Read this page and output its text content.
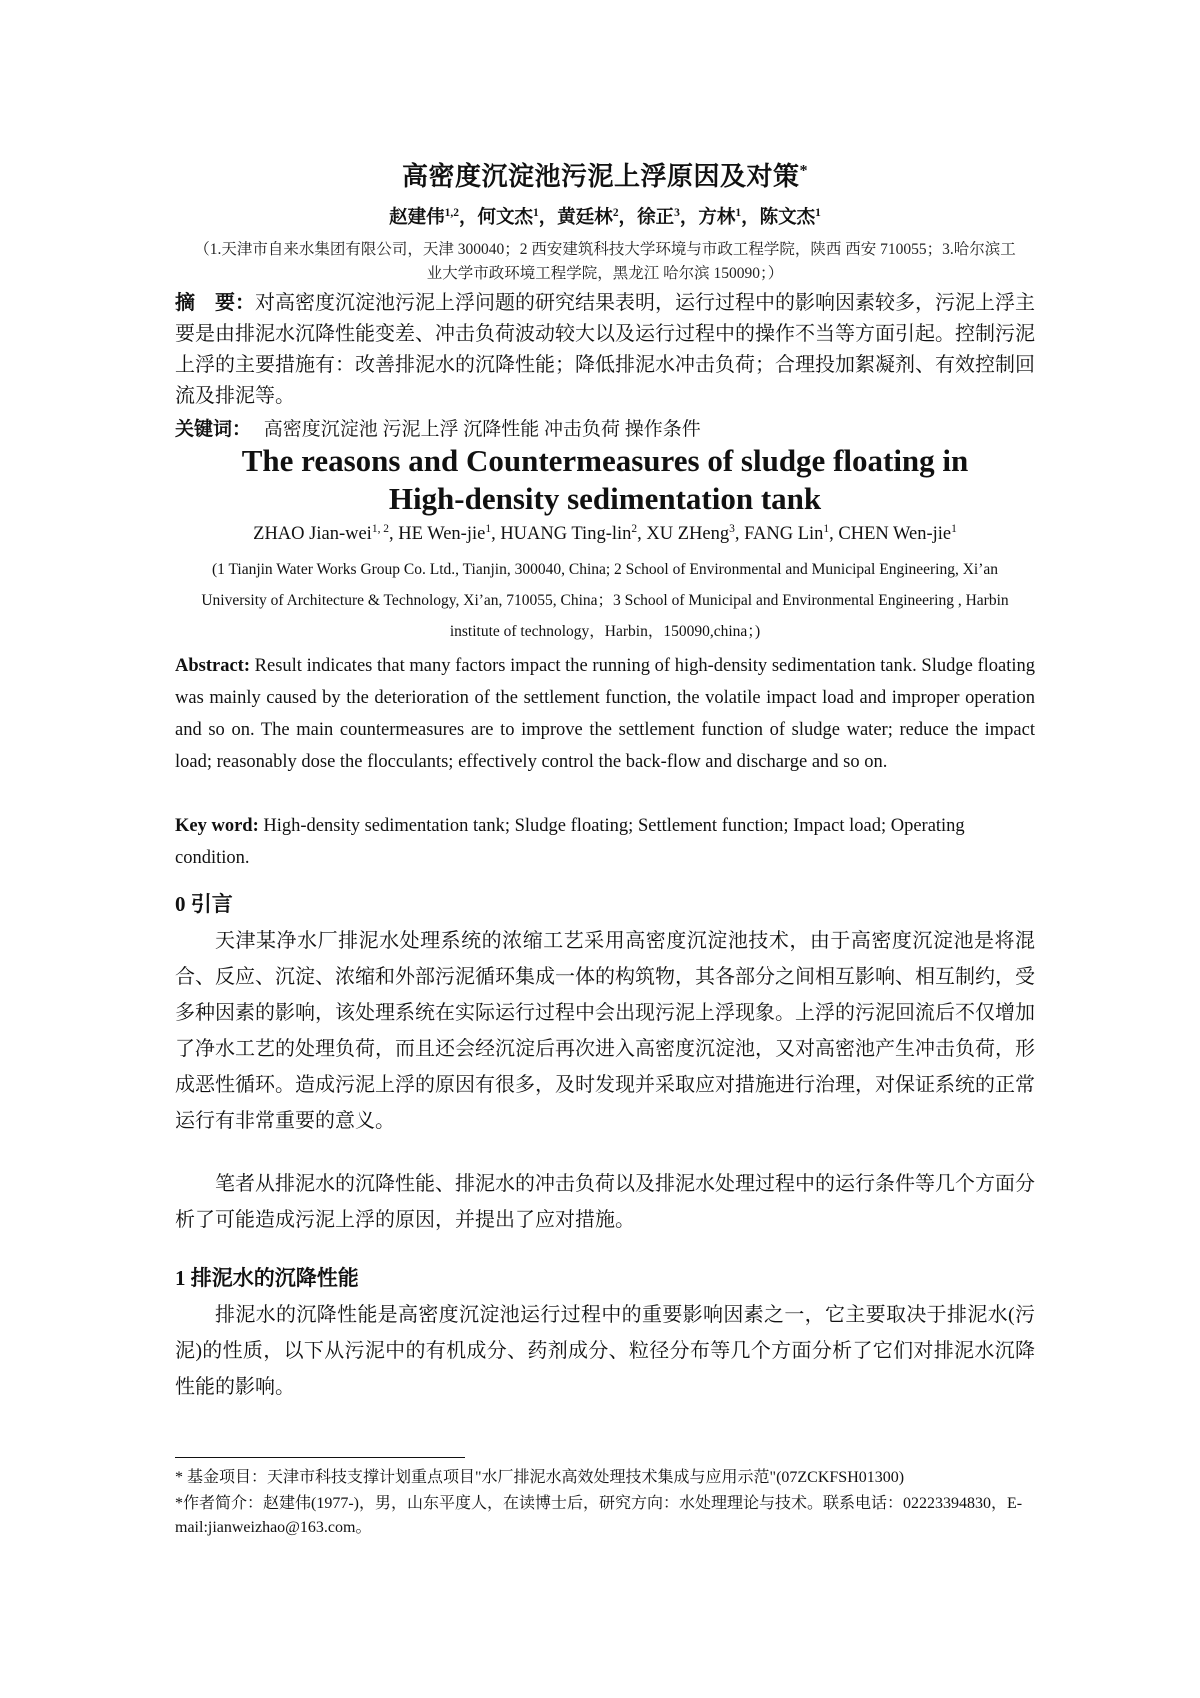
高密度沉淀池污泥上浮原因及对策*
赵建伟$^{1,2}$，何文杰$^1$，黄廷林$^2$，徐正$^3$，方林$^1$，陈文杰$^1$
（1.天津市自来水集团有限公司，天津 300040；2 西安建筑科技大学环境与市政工程学院，陕西 西安 710055；3.哈尔滨工业大学市政环境工程学院，黑龙江 哈尔滨 150090；）
摘　要：对高密度沉淀池污泥上浮问题的研究结果表明，运行过程中的影响因素较多，污泥上浮主要是由排泥水沉降性能变差、冲击负荷波动较大以及运行过程中的操作不当等方面引起。控制污泥上浮的主要措施有：改善排泥水的沉降性能；降低排泥水冲击负荷；合理投加絮凝剂、有效控制回流及排泥等。
关键词： 高密度沉淀池 污泥上浮 沉降性能 冲击负荷 操作条件
The reasons and Countermeasures of sludge floating in
High-density sedimentation tank
ZHAO Jian-wei$^{1, 2}$, HE Wen-jie$^1$, HUANG Ting-lin$^2$, XU ZHeng$^3$, FANG Lin$^1$, CHEN Wen-jie$^1$
(1 Tianjin Water Works Group Co. Ltd., Tianjin, 300040, China; 2 School of Environmental and Municipal Engineering, Xi’an University of Architecture & Technology, Xi’an, 710055, China；3 School of Municipal and Environmental Engineering , Harbin institute of technology，Harbin，150090,china；)
Abstract: Result indicates that many factors impact the running of high-density sedimentation tank. Sludge floating was mainly caused by the deterioration of the settlement function, the volatile impact load and improper operation and so on. The main countermeasures are to improve the settlement function of sludge water; reduce the impact load; reasonably dose the flocculants; effectively control the back-flow and discharge and so on.
Key word: High-density sedimentation tank; Sludge floating; Settlement function; Impact load; Operating condition.
0 引言
天津某净水厂排泥水处理系统的浓缩工艺采用高密度沉淀池技术，由于高密度沉淀池是将混合、反应、沉淀、浓缩和外部污泥循环集成一体的构筑物，其各部分之间相互影响、相互制约，受多种因素的影响，该处理系统在实际运行过程中会出现污泥上浮现象。上浮的污泥回流后不仅增加了净水工艺的处理负荷，而且还会经沉淀后再次进入高密度沉淀池，又对高密池产生冲击负荷，形成恶性循环。造成污泥上浮的原因有很多，及时发现并采取应对措施进行治理，对保证系统的正常运行有非常重要的意义。
笔者从排泥水的沉降性能、排泥水的冲击负荷以及排泥水处理过程中的运行条件等几个方面分析了可能造成污泥上浮的原因，并提出了应对措施。
1 排泥水的沉降性能
排泥水的沉降性能是高密度沉淀池运行过程中的重要影响因素之一，它主要取决于排泥水(污泥)的性质，以下从污泥中的有机成分、药剂成分、粒径分布等几个方面分析了它们对排泥水沉降性能的影响。
* 基金项目：天津市科技支撑计划重点项目"水厂排泥水高效处理技术集成与应用示范"(07ZCKFSH01300)
*作者简介：赵建伟(1977-)，男，山东平度人，在读博士后，研究方向：水处理理论与技术。联系电话：02223394830，E-mail:jianweizhao@163.com。
